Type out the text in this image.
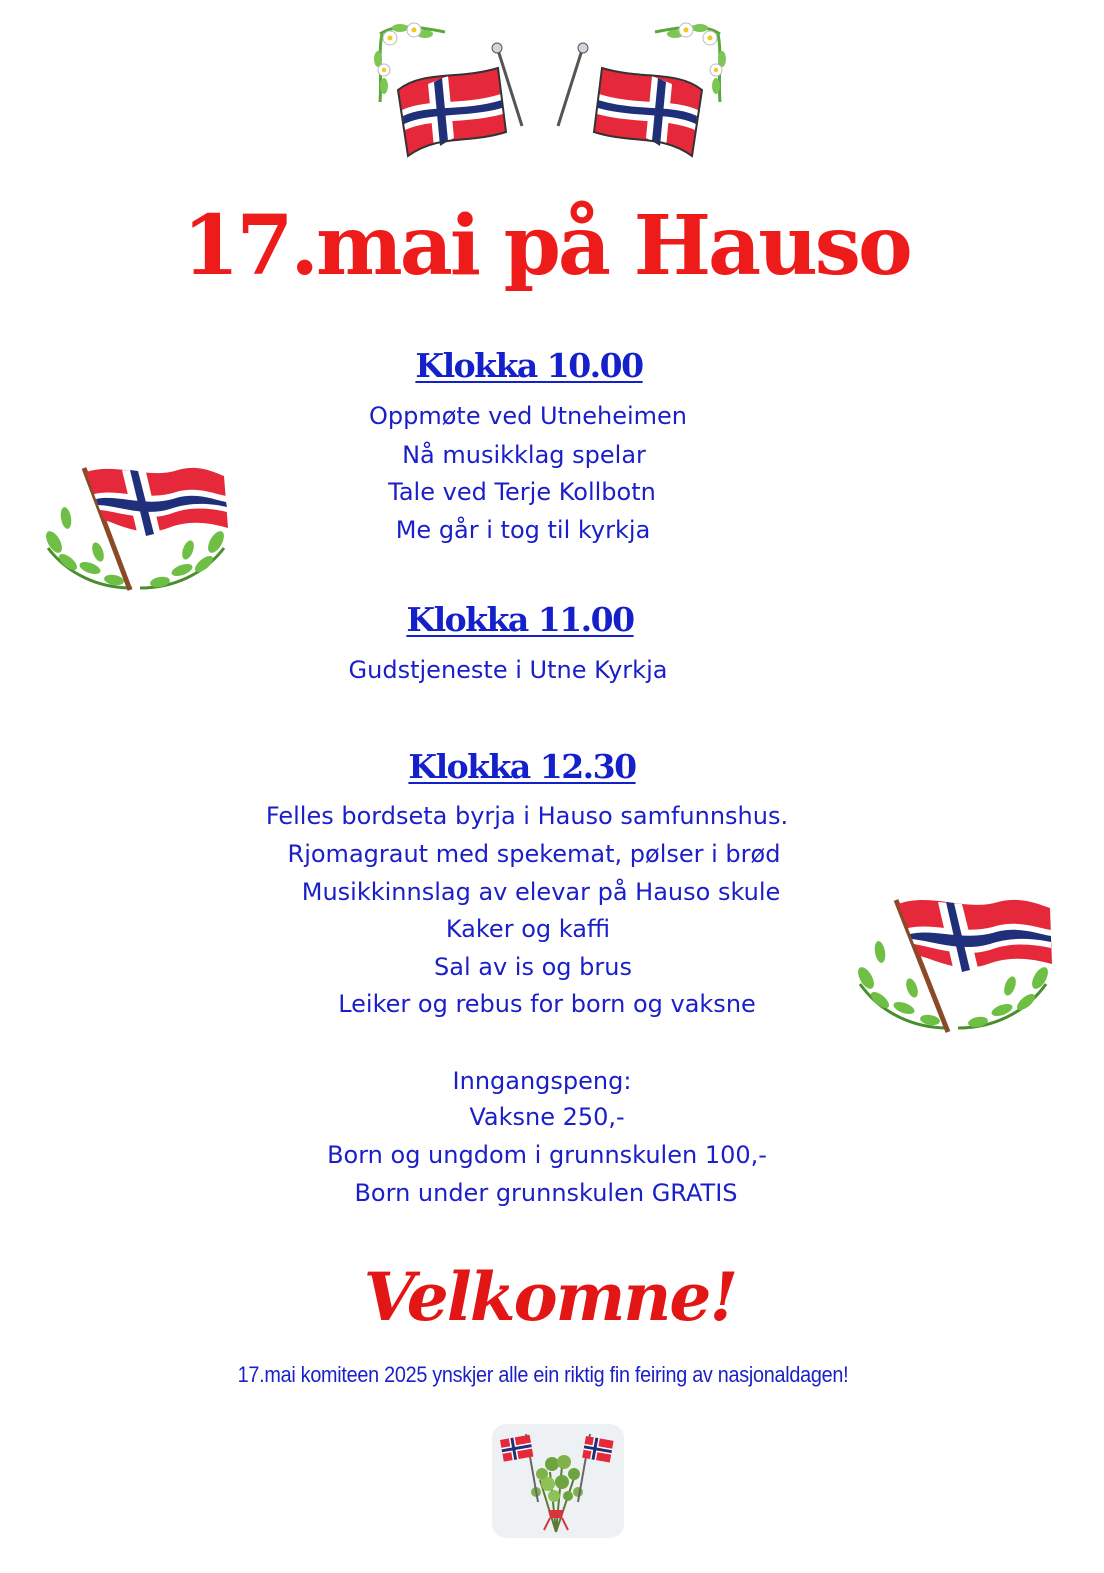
17.mai på Hauso
Klokka 10.00
Oppmøte ved Utneheimen
Nå musikklag spelar
Tale ved Terje Kollbotn
Me går i tog til kyrkja
Klokka 11.00
Gudstjeneste i Utne Kyrkja
Klokka 12.30
Felles bordseta byrja i Hauso samfunnshus.
Rjomagraut med spekemat, pølser i brød
Musikkinnslag av elevar på Hauso skule
Kaker og kaffi
Sal av is og brus
Leiker og rebus for born og vaksne
Inngangspeng:
Vaksne 250,-
Born og ungdom i grunnskulen 100,-
Born under grunnskulen GRATIS
Velkomne!
17.mai komiteen 2025 ynskjer alle ein riktig fin feiring av nasjonaldagen!
